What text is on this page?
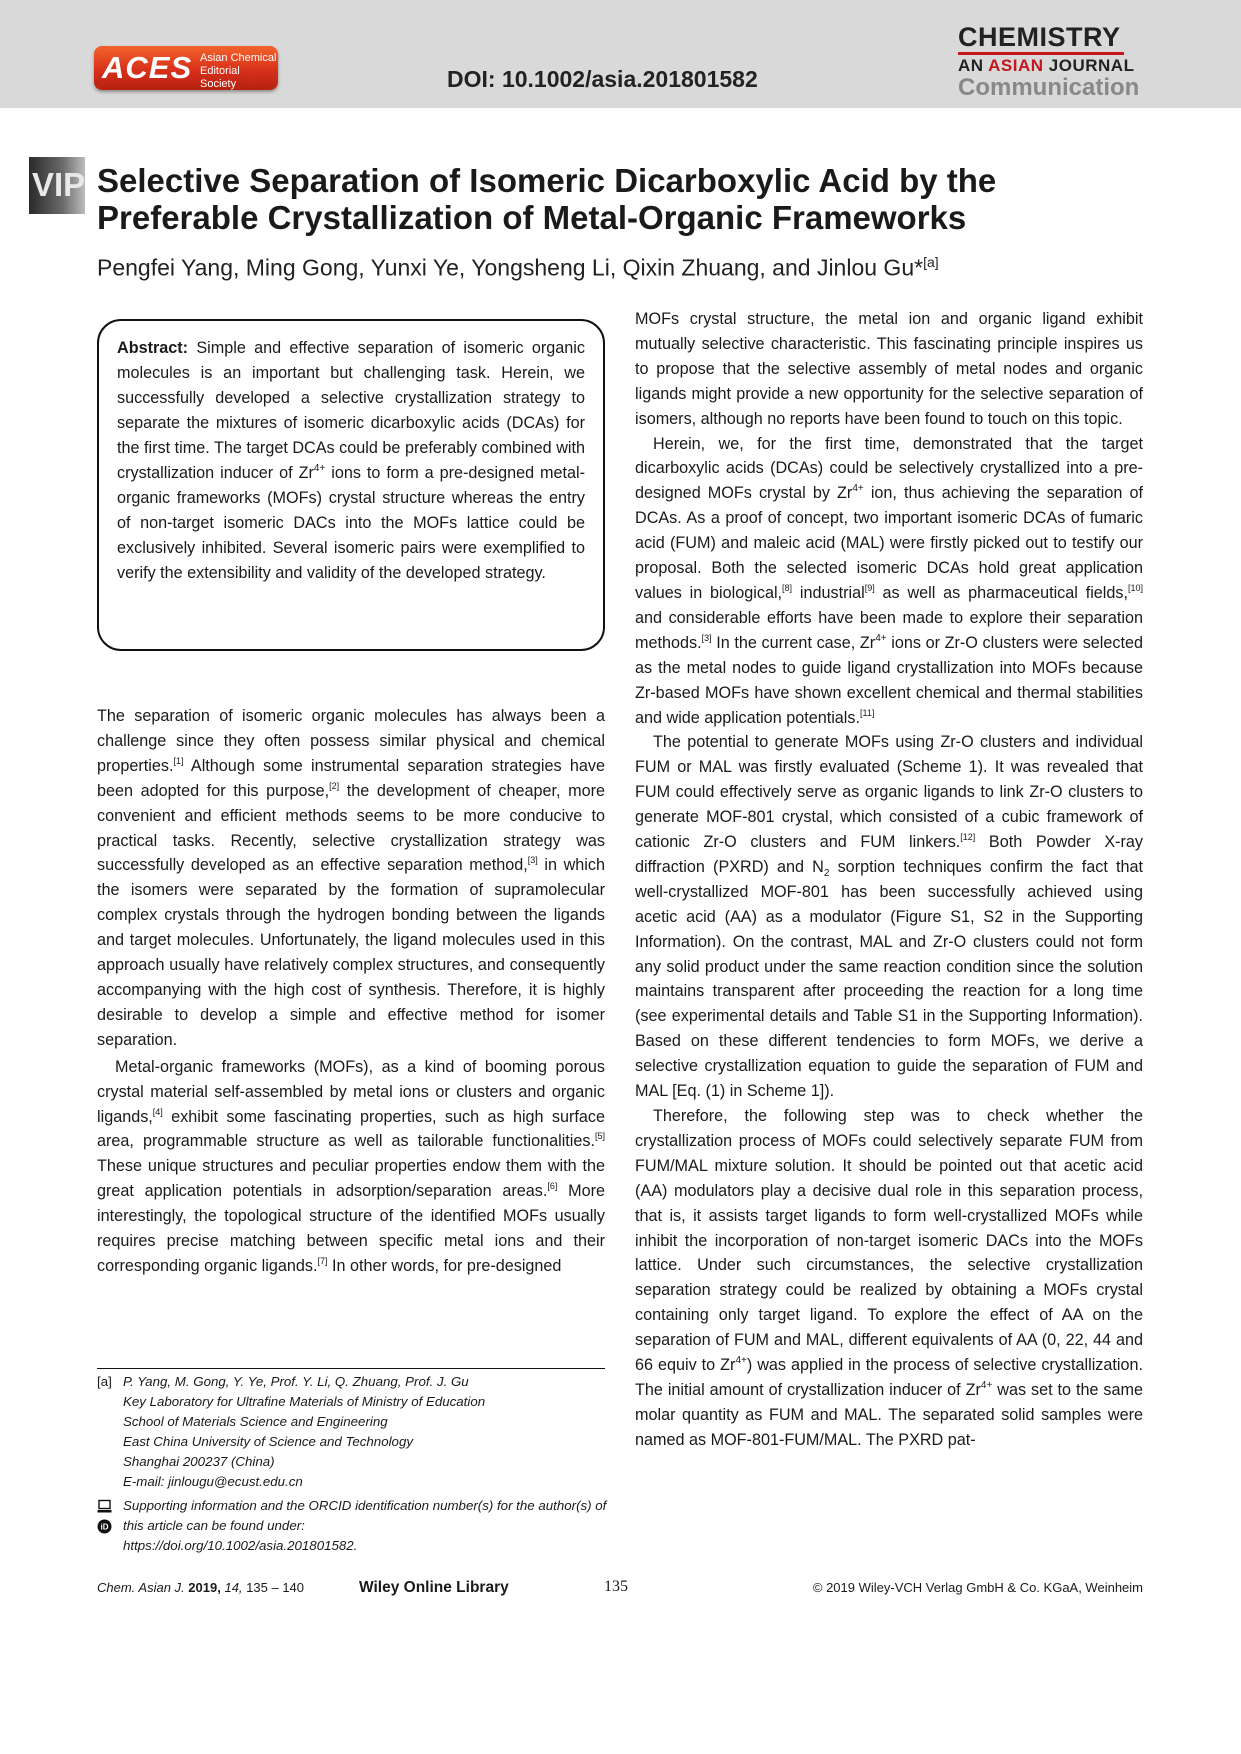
ACES Asian Chemical
Editorial Society	DOI: 10.1002/asia.201801582
CHEMISTRY
AN ASIAN JOURNAL
Communication
VIP Selective Separation of Isomeric Dicarboxylic Acid by the
Preferable Crystallization of Metal-Organic Frameworks
Pengfei Yang, Ming Gong, Yunxi Ye, Yongsheng Li, Qixin Zhuang, and Jinlou Gu*[a]

Abstract: Simple and effective separation of isomeric organic molecules is an important but challenging task. Herein, we successfully developed a selective crystallization strategy to separate the mixtures of isomeric dicarboxylic acids (DCAs) for the first time. The target DCAs could be preferably combined with crystallization inducer of $Zr^{4+}$ ions to form a pre-designed metal-organic frameworks (MOFs) crystal structure whereas the entry of non-target isomeric DACs into the MOFs lattice could be exclusively inhibited. Several isomeric pairs were exemplified to verify the extensibility and validity of the developed strategy.

The separation of isomeric organic molecules has always been a challenge since they often possess similar physical and chemical properties.[1] Although some instrumental separation strategies have been adopted for this purpose,[2] the development of cheaper, more convenient and efficient methods seems to be more conducive to practical tasks. Recently, selective crystallization strategy was successfully developed as an effective separation method,[3] in which the isomers were separated by the formation of supramolecular complex crystals through the hydrogen bonding between the ligands and target molecules. Unfortunately, the ligand molecules used in this approach usually have relatively complex structures, and consequently accompanying with the high cost of synthesis. Therefore, it is highly desirable to develop a simple and effective method for isomer separation.

Metal-organic frameworks (MOFs), as a kind of booming porous crystal material self-assembled by metal ions or clusters and organic ligands,[4] exhibit some fascinating properties, such as high surface area, programmable structure as well as tailorable functionalities.[5] These unique structures and peculiar properties endow them with the great application potentials in adsorption/separation areas.[6] More interestingly, the topological structure of the identified MOFs usually requires precise matching between specific metal ions and their corresponding organic ligands.[7] In other words, for pre-designed

MOFs crystal structure, the metal ion and organic ligand exhibit mutually selective characteristic. This fascinating principle inspires us to propose that the selective assembly of metal nodes and organic ligands might provide a new opportunity for the selective separation of isomers, although no reports have been found to touch on this topic.

Herein, we, for the first time, demonstrated that the target dicarboxylic acids (DCAs) could be selectively crystallized into a pre-designed MOFs crystal by $Zr^{4+}$ ion, thus achieving the separation of DCAs. As a proof of concept, two important isomeric DCAs of fumaric acid (FUM) and maleic acid (MAL) were firstly picked out to testify our proposal. Both the selected isomeric DCAs hold great application values in biological,[8] industrial[9] as well as pharmaceutical fields,[10] and considerable efforts have been made to explore their separation methods.[3] In the current case, $Zr^{4+}$ ions or Zr-O clusters were selected as the metal nodes to guide ligand crystallization into MOFs because Zr-based MOFs have shown excellent chemical and thermal stabilities and wide application potentials.[11]

The potential to generate MOFs using Zr-O clusters and individual FUM or MAL was firstly evaluated (Scheme 1). It was revealed that FUM could effectively serve as organic ligands to link Zr-O clusters to generate MOF-801 crystal, which consisted of a cubic framework of cationic Zr-O clusters and FUM linkers.[12] Both Powder X-ray diffraction (PXRD) and $N_2$ sorption techniques confirm the fact that well-crystallized MOF-801 has been successfully achieved using acetic acid (AA) as a modulator (Figure S1, S2 in the Supporting Information). On the contrast, MAL and Zr-O clusters could not form any solid product under the same reaction condition since the solution maintains transparent after proceeding the reaction for a long time (see experimental details and Table S1 in the Supporting Information). Based on these different tendencies to form MOFs, we derive a selective crystallization equation to guide the separation of FUM and MAL [Eq. (1) in Scheme 1]).

Therefore, the following step was to check whether the crystallization process of MOFs could selectively separate FUM from FUM/MAL mixture solution. It should be pointed out that acetic acid (AA) modulators play a decisive dual role in this separation process, that is, it assists target ligands to form well-crystallized MOFs while inhibit the incorporation of non-target isomeric DACs into the MOFs lattice. Under such circumstances, the selective crystallization separation strategy could be realized by obtaining a MOFs crystal containing only target ligand. To explore the effect of AA on the separation of FUM and MAL, different equivalents of AA (0, 22, 44 and 66 equiv to $Zr^{4+}$) was applied in the process of selective crystallization. The initial amount of crystallization inducer of $Zr^{4+}$ was set to the same molar quantity as FUM and MAL. The separated solid samples were named as MOF-801-FUM/MAL. The PXRD pat-

[a] P. Yang, M. Gong, Y. Ye, Prof. Y. Li, Q. Zhuang, Prof. J. Gu
Key Laboratory for Ultrafine Materials of Ministry of Education
School of Materials Science and Engineering
East China University of Science and Technology
Shanghai 200237 (China)
E-mail: jinlougu@ecust.edu.cn
iD
Supporting information and the ORCID identification number(s) for the author(s) of this article can be found under:
https://doi.org/10.1002/asia.201801582.
Chem. Asian J. 2019, 14, 135 – 140	Wiley Online Library	135	© 2019 Wiley-VCH Verlag GmbH & Co. KGaA, Weinheim
